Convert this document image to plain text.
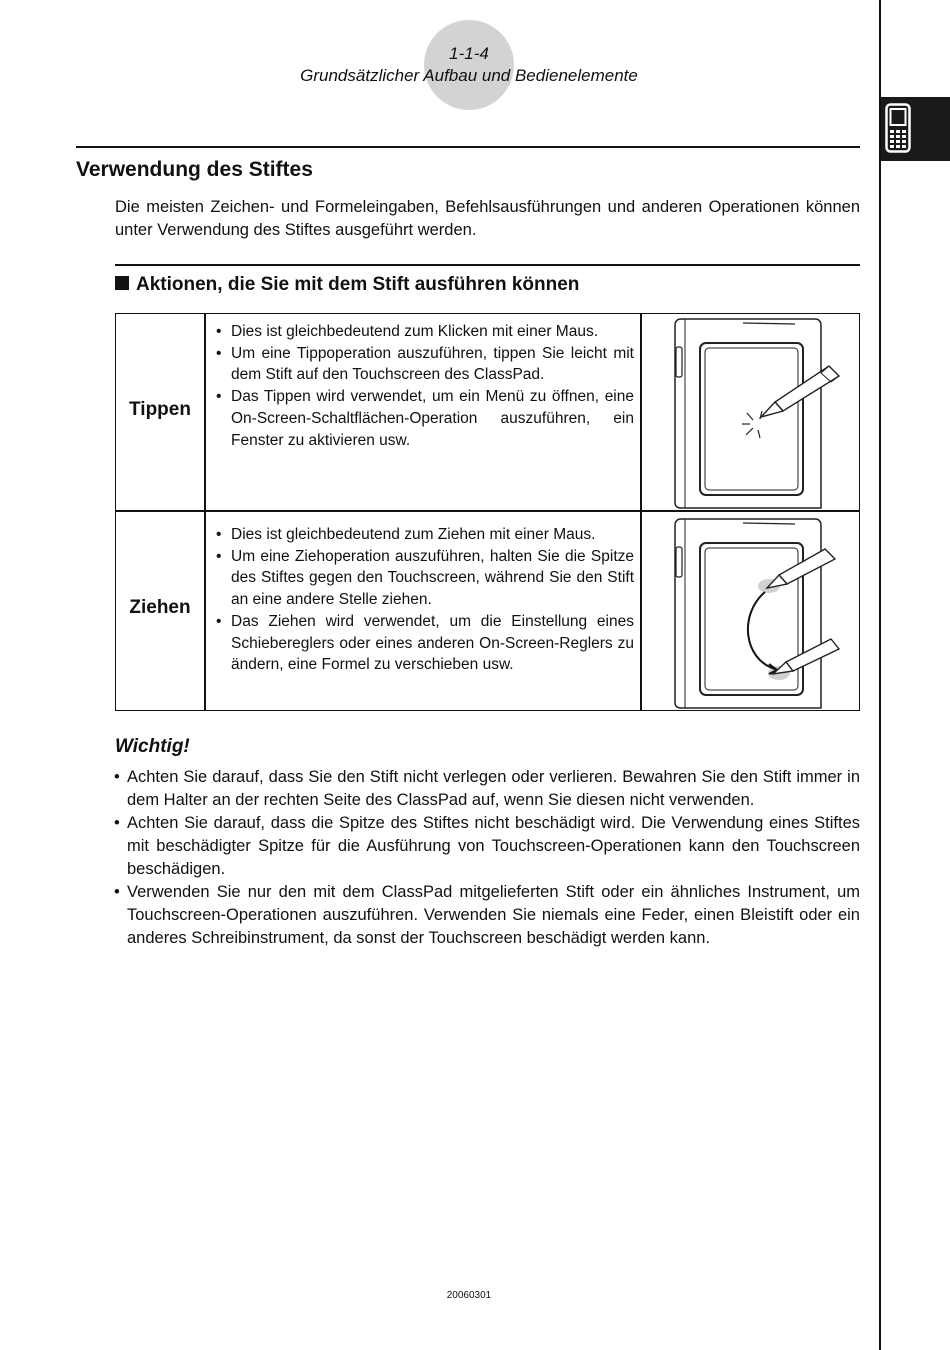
1-1-4
Grundsätzlicher Aufbau und Bedienelemente
Verwendung des Stiftes
Die meisten Zeichen- und Formeleingaben, Befehlsausführungen und anderen Operationen können unter Verwendung des Stiftes ausgeführt werden.
Aktionen, die Sie mit dem Stift ausführen können
Tippen
• Dies ist gleichbedeutend zum Klicken mit einer Maus.
• Um eine Tippoperation auszuführen, tippen Sie leicht mit dem Stift auf den Touchscreen des ClassPad.
• Das Tippen wird verwendet, um ein Menü zu öffnen, eine On-Screen-Schaltflächen-Operation auszuführen, ein Fenster zu aktivieren usw.
Ziehen
• Dies ist gleichbedeutend zum Ziehen mit einer Maus.
• Um eine Ziehoperation auszuführen, halten Sie die Spitze des Stiftes gegen den Touchscreen, während Sie den Stift an eine andere Stelle ziehen.
• Das Ziehen wird verwendet, um die Einstellung eines Schiebereglers oder eines anderen On-Screen-Reglers zu ändern, eine Formel zu verschieben usw.
Wichtig!
• Achten Sie darauf, dass Sie den Stift nicht verlegen oder verlieren. Bewahren Sie den Stift immer in dem Halter an der rechten Seite des ClassPad auf, wenn Sie diesen nicht verwenden.
• Achten Sie darauf, dass die Spitze des Stiftes nicht beschädigt wird. Die Verwendung eines Stiftes mit beschädigter Spitze für die Ausführung von Touchscreen-Operationen kann den Touchscreen beschädigen.
• Verwenden Sie nur den mit dem ClassPad mitgelieferten Stift oder ein ähnliches Instrument, um Touchscreen-Operationen auszuführen. Verwenden Sie niemals eine Feder, einen Bleistift oder ein anderes Schreibinstrument, da sonst der Touchscreen beschädigt werden kann.
20060301
